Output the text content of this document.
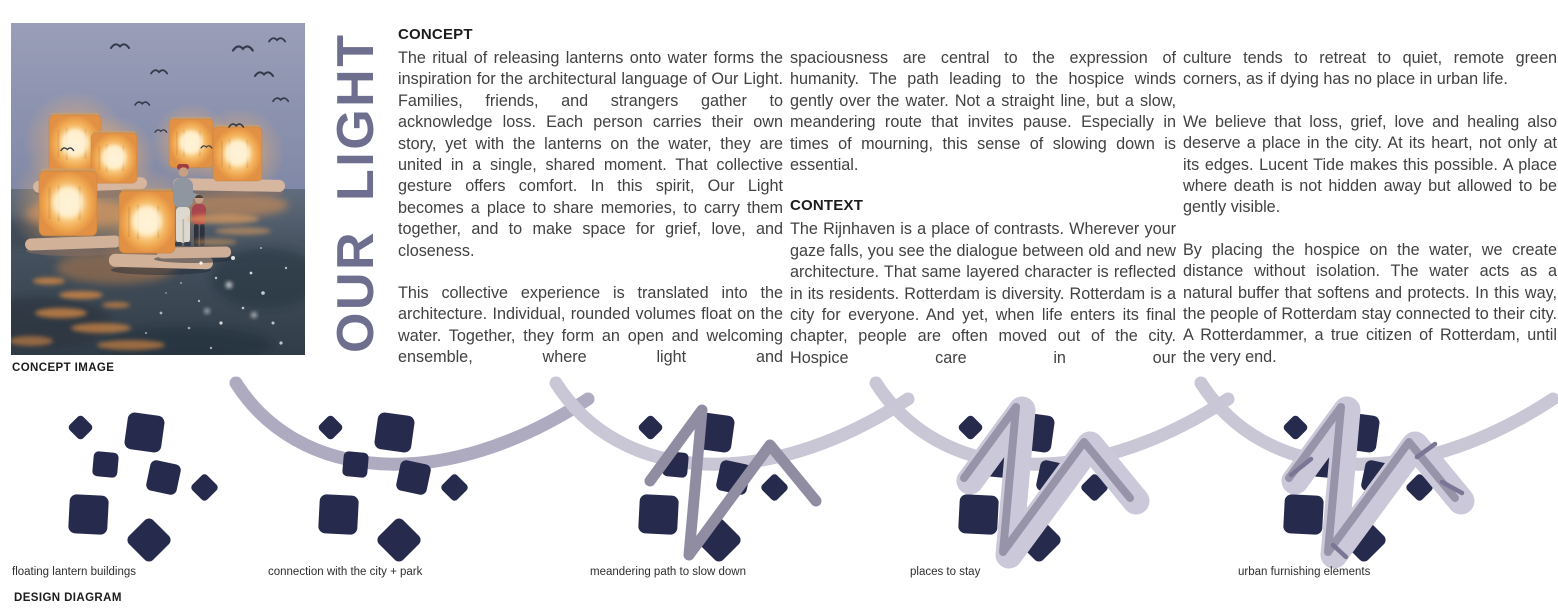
CONCEPT IMAGE
OUR LIGHT CONCEPT

The ritual of releasing lanterns onto water forms the inspiration for the architectural language of Our Light. Families, friends, and strangers gather to acknowledge loss. Each person carries their own story, yet with the lanterns on the water, they are united in a single, shared moment. That collective gesture offers comfort. In this spirit, Our Light becomes a place to share memories, to carry them together, and to make space for grief, love, and closeness.

This collective experience is translated into the architecture. Individual, rounded volumes float on the water. Together, they form an open and welcoming ensemble, where light and

spaciousness are central to the expression of humanity. The path leading to the hospice winds gently over the water. Not a straight line, but a slow, meandering route that invites pause. Especially in times of mourning, this sense of slowing down is essential.

CONTEXT

The Rijnhaven is a place of contrasts. Wherever your gaze falls, you see the dialogue between old and new architecture. That same layered character is reflected in its residents. Rotterdam is diversity. Rotterdam is a city for everyone. And yet, when life enters its final chapter, people are often moved out of the city. Hospice care in our

culture tends to retreat to quiet, remote green corners, as if dying has no place in urban life.

We believe that loss, grief, love and healing also deserve a place in the city. At its heart, not only at its edges. Lucent Tide makes this possible. A place where death is not hidden away but allowed to be gently visible.

By placing the hospice on the water, we create distance without isolation. The water acts as a natural buffer that softens and protects. In this way, the people of Rotterdam stay connected to their city. A Rotterdammer, a true citizen of Rotterdam, until the very end.

floating lantern buildings	connection with the city + park	meandering path to slow down	places to stay	urban furnishing elements
DESIGN DIAGRAM
